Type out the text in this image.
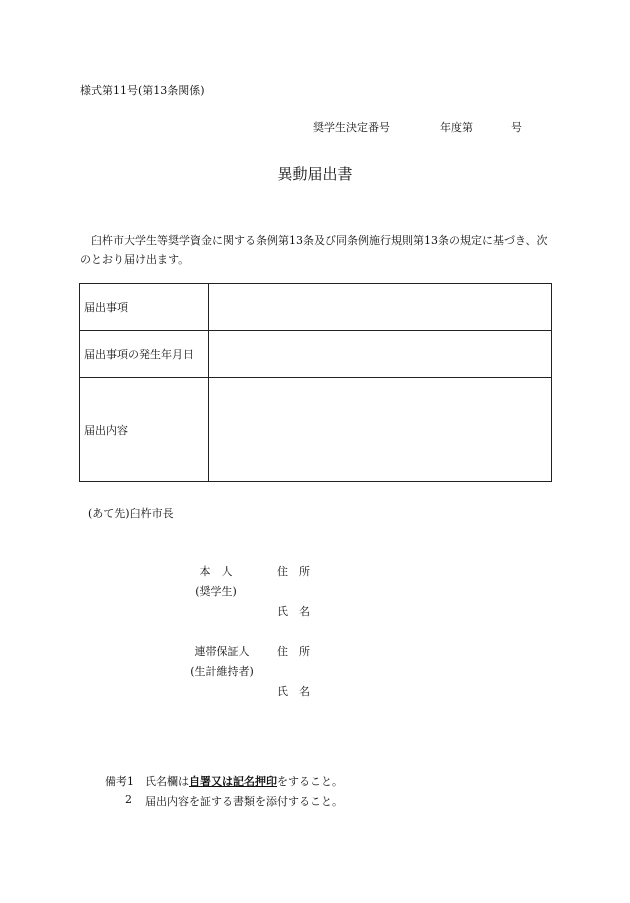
様式第11号(第13条関係)
奨学生決定番号	年度第	号
異動届出書
臼杵市大学生等奨学資金に関する条例第13条及び同条例施行規則第13条の規定に基づき、次のとおり届け出ます。
届出事項	
届出事項の発生年月日	
届出内容	
(あて先)臼杵市長
本　人
(奨学生)
住　所
氏　名
連帯保証人
(生計維持者)
住　所
氏　名
備考1 氏名欄は自署又は記名押印をすること。
2 届出内容を証する書類を添付すること。
